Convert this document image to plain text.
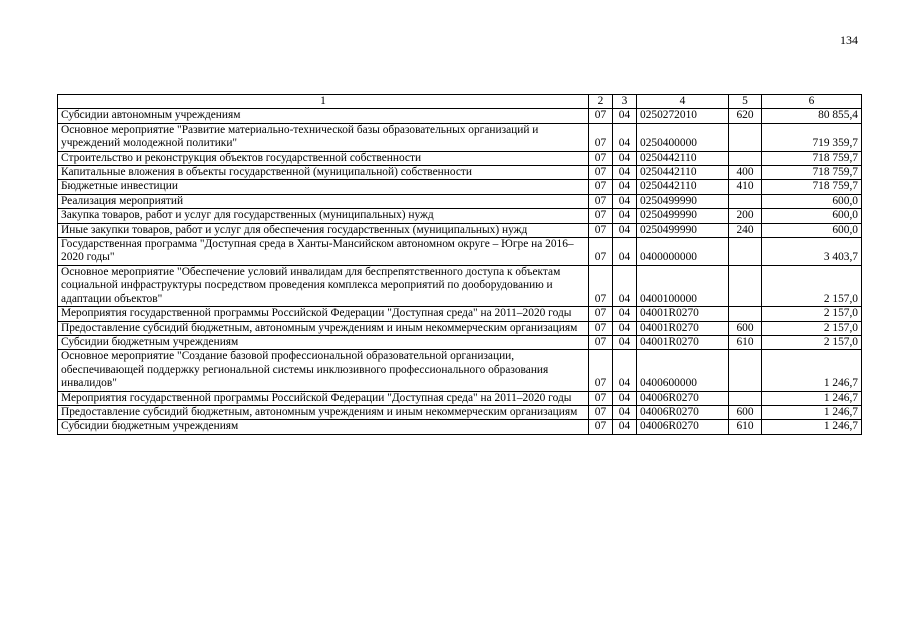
134
1	2	3	4	5	6
Субсидии автономным учреждениям	07	04	0250272010	620	80 855,4
Основное мероприятие "Развитие материально-технической базы образовательных организаций и учреждений молодежной политики"	07	04	0250400000		719 359,7
Строительство и реконструкция объектов государственной собственности	07	04	0250442110		718 759,7
Капитальные вложения в объекты государственной (муниципальной) собственности	07	04	0250442110	400	718 759,7
Бюджетные инвестиции	07	04	0250442110	410	718 759,7
Реализация мероприятий	07	04	0250499990		600,0
Закупка товаров, работ и услуг для государственных (муниципальных) нужд	07	04	0250499990	200	600,0
Иные закупки товаров, работ и услуг для обеспечения государственных (муниципальных) нужд	07	04	0250499990	240	600,0
Государственная программа "Доступная среда в Ханты-Мансийском автономном округе – Югре на 2016–2020 годы"	07	04	0400000000		3 403,7
Основное мероприятие "Обеспечение условий инвалидам для беспрепятственного доступа к объектам социальной инфраструктуры посредством проведения комплекса мероприятий по дооборудованию и адаптации объектов"	07	04	0400100000		2 157,0
Мероприятия государственной программы Российской Федерации "Доступная среда" на 2011–2020 годы	07	04	04001R0270		2 157,0
Предоставление субсидий бюджетным, автономным учреждениям и иным некоммерческим организациям	07	04	04001R0270	600	2 157,0
Субсидии бюджетным учреждениям	07	04	04001R0270	610	2 157,0
Основное мероприятие "Создание базовой профессиональной образовательной организации, обеспечивающей поддержку региональной системы инклюзивного профессионального образования инвалидов"	07	04	0400600000		1 246,7
Мероприятия государственной программы Российской Федерации "Доступная среда" на 2011–2020 годы	07	04	04006R0270		1 246,7
Предоставление субсидий бюджетным, автономным учреждениям и иным некоммерческим организациям	07	04	04006R0270	600	1 246,7
Субсидии бюджетным учреждениям	07	04	04006R0270	610	1 246,7
